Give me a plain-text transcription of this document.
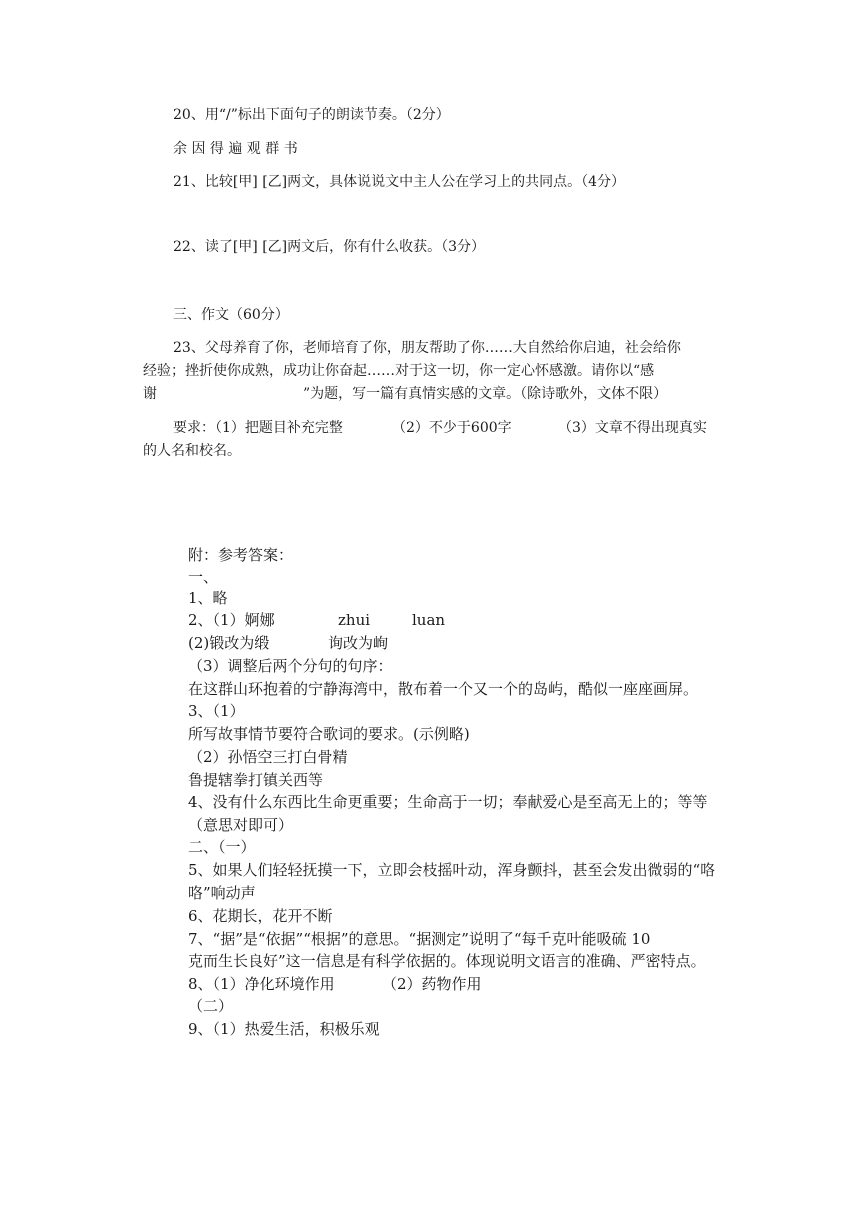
20、用“/”标出下面句子的朗读节奏。（2分）
余 因 得 遍 观 群 书
21、比较[甲] [乙]两文，具体说说文中主人公在学习上的共同点。（4分）
22、读了[甲] [乙]两文后，你有什么收获。（3分）
三、作文（60分）
23、父母养育了你，老师培育了你，朋友帮助了你……大自然给你启迪，社会给你
经验；挫折使你成熟，成功让你奋起……对于这一切，你一定心怀感激。请你以“感
谢	”为题，写一篇有真情实感的文章。（除诗歌外，文体不限）
要求：（1）把题目补充完整	（2）不少于600字	（3）文章不得出现真实
的人名和校名。
附：参考答案：
一、
1、略
2、（1）婀娜	zhui	luan
(2)锻改为缎	询改为峋
（3）调整后两个分句的句序：
在这群山环抱着的宁静海湾中，散布着一个又一个的岛屿，酷似一座座画屏。
3、（1）
所写故事情节要符合歌词的要求。(示例略)
（2）孙悟空三打白骨精
鲁提辖拳打镇关西等
4、没有什么东西比生命更重要；生命高于一切；奉献爱心是至高无上的；等等
（意思对即可）
二、（一）
5、如果人们轻轻抚摸一下，立即会枝摇叶动，浑身颤抖，甚至会发出微弱的“咯
咯”响动声
6、花期长，花开不断
7、“据”是“依据”“根据”的意思。“据测定”说明了“每千克叶能吸硫 10
克而生长良好”这一信息是有科学依据的。体现说明文语言的准确、严密特点。
8、（1）净化环境作用	（2）药物作用
（二）
9、（1）热爱生活，积极乐观
